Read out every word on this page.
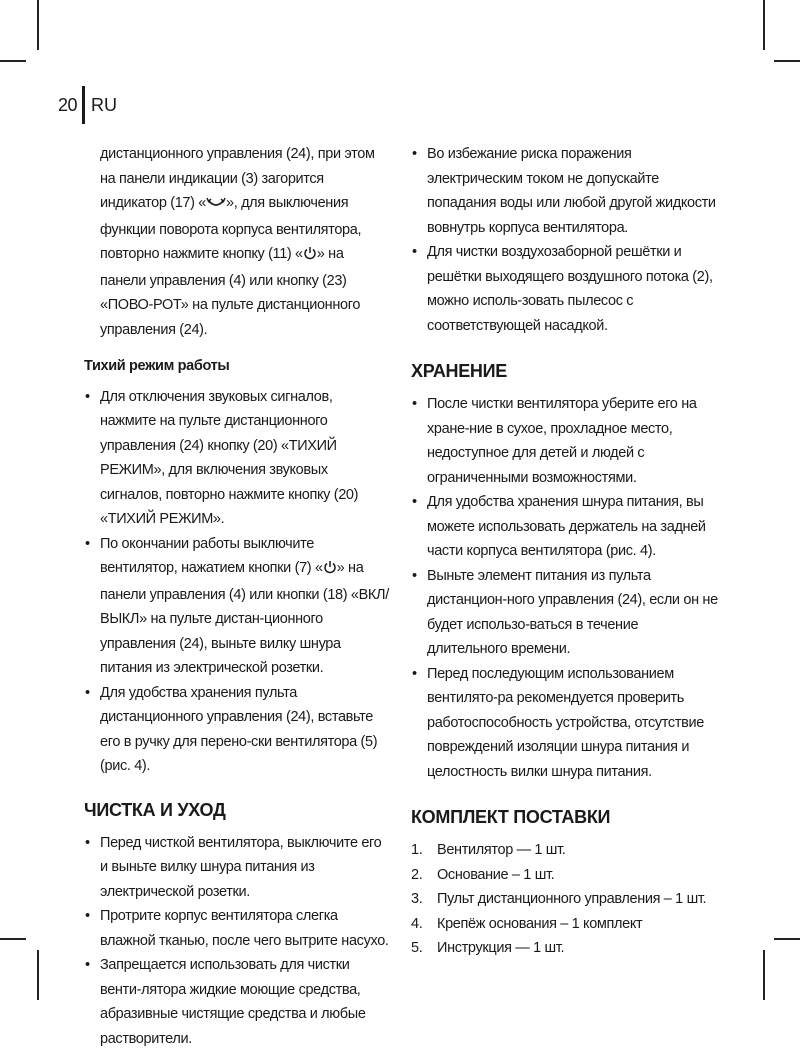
20 RU

дистанционного управления (24), при этом на панели индикации (3) загорится индикатор (17) « », для выключения функции поворота корпуса вентилятора, повторно нажмите кнопку (11) « » на панели управления (4) или кнопку (23) «ПОВО-РОТ» на пульте дистанционного управления (24).

Тихий режим работы
• Для отключения звуковых сигналов, нажмите на пульте дистанционного управления (24) кнопку (20) «ТИХИЙ РЕЖИМ», для включения звуковых сигналов, повторно нажмите кнопку (20) «ТИХИЙ РЕЖИМ».
• По окончании работы выключите вентилятор, нажатием кнопки (7) « » на панели управления (4) или кнопки (18) «ВКЛ/ВЫКЛ» на пульте дистан-ционного управления (24), выньте вилку шнура питания из электрической розетки.
• Для удобства хранения пульта дистанционного управления (24), вставьте его в ручку для перено-ски вентилятора (5) (рис. 4).
ЧИСТКА И УХОД
• Перед чисткой вентилятора, выключите его и выньте вилку шнура питания из электрической розетки.
• Протрите корпус вентилятора слегка влажной тканью, после чего вытрите насухо.
• Запрещается использовать для чистки венти-лятора жидкие моющие средства, абразивные чистящие средства и любые растворители.
• Во избежание риска поражения электрическим током не допускайте попадания воды или любой другой жидкости вовнутрь корпуса вентилятора.
• Для чистки воздухозаборной решётки и решётки выходящего воздушного потока (2), можно исполь-зовать пылесос с соответствующей насадкой.
ХРАНЕНИЕ
• После чистки вентилятора уберите его на хране-ние в сухое, прохладное место, недоступное для детей и людей с ограниченными возможностями.
• Для удобства хранения шнура питания, вы можете использовать держатель на задней части корпуса вентилятора (рис. 4).
• Выньте элемент питания из пульта дистанцион-ного управления (24), если он не будет использо-ваться в течение длительного времени.
• Перед последующим использованием вентилято-ра рекомендуется проверить работоспособность устройства, отсутствие повреждений изоляции шнура питания и целостность вилки шнура питания.
КОМПЛЕКТ ПОСТАВКИ
1.	Вентилятор — 1 шт.
2.	Основание – 1 шт.
3.	Пульт дистанционного управления – 1 шт.
4.	Крепёж основания – 1 комплект
5.	Инструкция — 1 шт.
